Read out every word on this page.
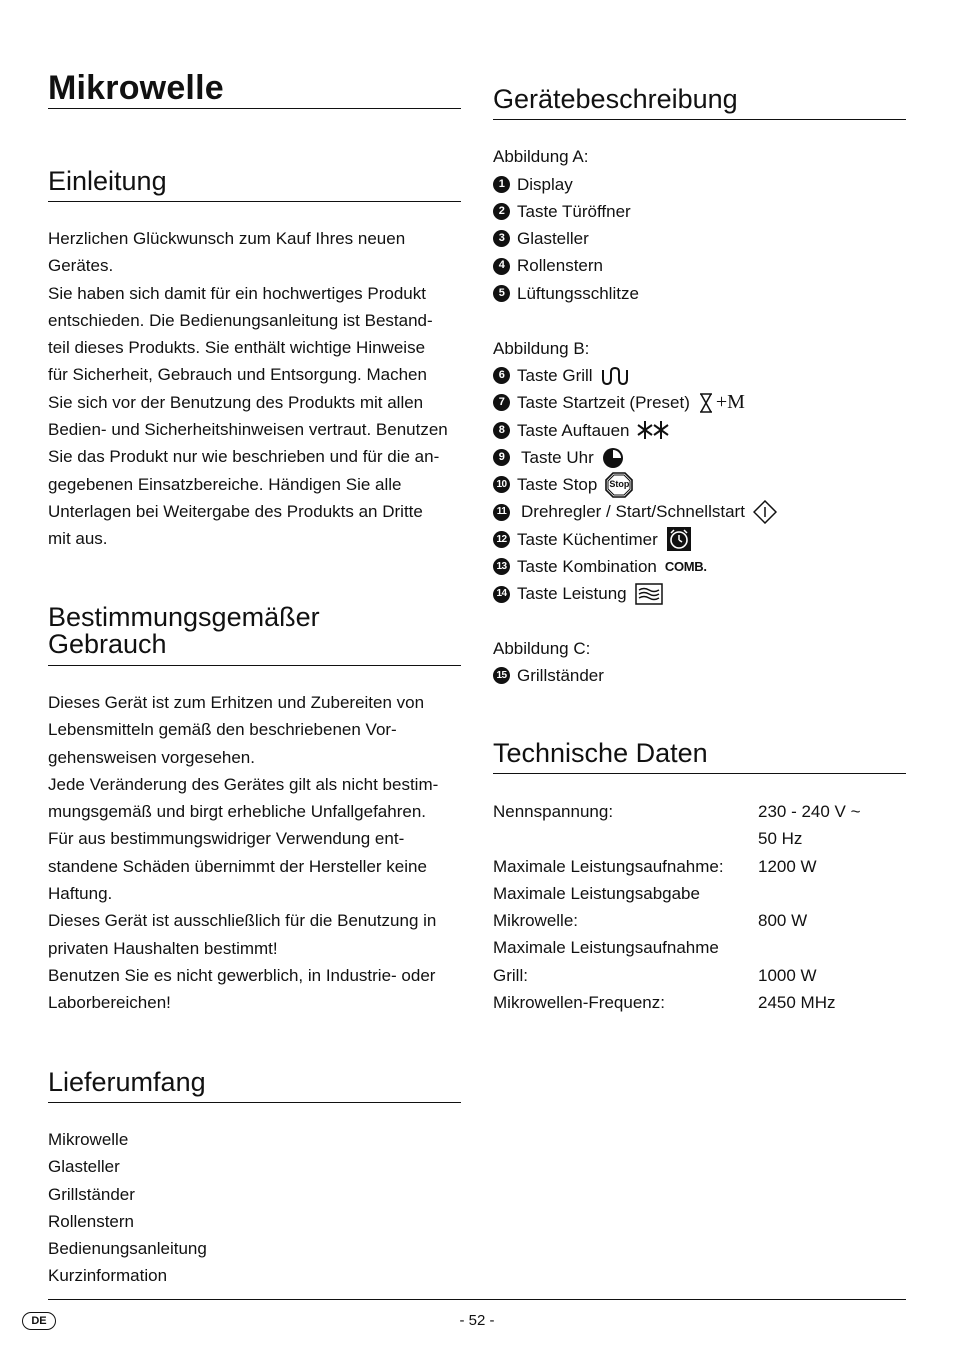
Mikrowelle
Einleitung
Herzlichen Glückwunsch zum Kauf Ihres neuen
Gerätes.
Sie haben sich damit für ein hochwertiges Produkt
entschieden. Die Bedienungsanleitung ist Bestand-
teil dieses Produkts. Sie enthält wichtige Hinweise
für Sicherheit, Gebrauch und Entsorgung. Machen
Sie sich vor der Benutzung des Produkts mit allen
Bedien- und Sicherheitshinweisen vertraut. Benutzen
Sie das Produkt nur wie beschrieben und für die an-
gegebenen Einsatzbereiche. Händigen Sie alle
Unterlagen bei Weitergabe des Produkts an Dritte
mit aus.
Bestimmungsgemäßer
Gebrauch
Dieses Gerät ist zum Erhitzen und Zubereiten von
Lebensmitteln gemäß den beschriebenen Vor-
gehensweisen vorgesehen.
Jede Veränderung des Gerätes gilt als nicht bestim-
mungsgemäß und birgt erhebliche Unfallgefahren.
Für aus bestimmungswidriger Verwendung ent-
standene Schäden übernimmt der Hersteller keine
Haftung.
Dieses Gerät ist ausschließlich für die Benutzung in
privaten Haushalten bestimmt!
Benutzen Sie es nicht gewerblich, in Industrie- oder
Laborbereichen!
Lieferumfang
Mikrowelle
Glasteller
Grillständer
Rollenstern
Bedienungsanleitung
Kurzinformation
Gerätebeschreibung
Abbildung A:
1 Display
2 Taste Türöffner
3 Glasteller
4 Rollenstern
5 Lüftungsschlitze
Abbildung B:
6 Taste Grill
7 Taste Startzeit (Preset) +M
8 Taste Auftauen
9 Taste Uhr
10 Taste Stop	Stop
11 Drehregler / Start/Schnellstart
12 Taste Küchentimer
13 Taste Kombination COMB.
14 Taste Leistung
Abbildung C:
15 Grillständer
Technische Daten
Nennspannung:	230 - 240 V ~
50 Hz
Maximale Leistungsaufnahme: 1200 W
Maximale Leistungsabgabe
Mikrowelle:	800 W
Maximale Leistungsaufnahme
Grill:	1000 W
Mikrowellen-Frequenz:	2450 MHz
DE	- 52 -
